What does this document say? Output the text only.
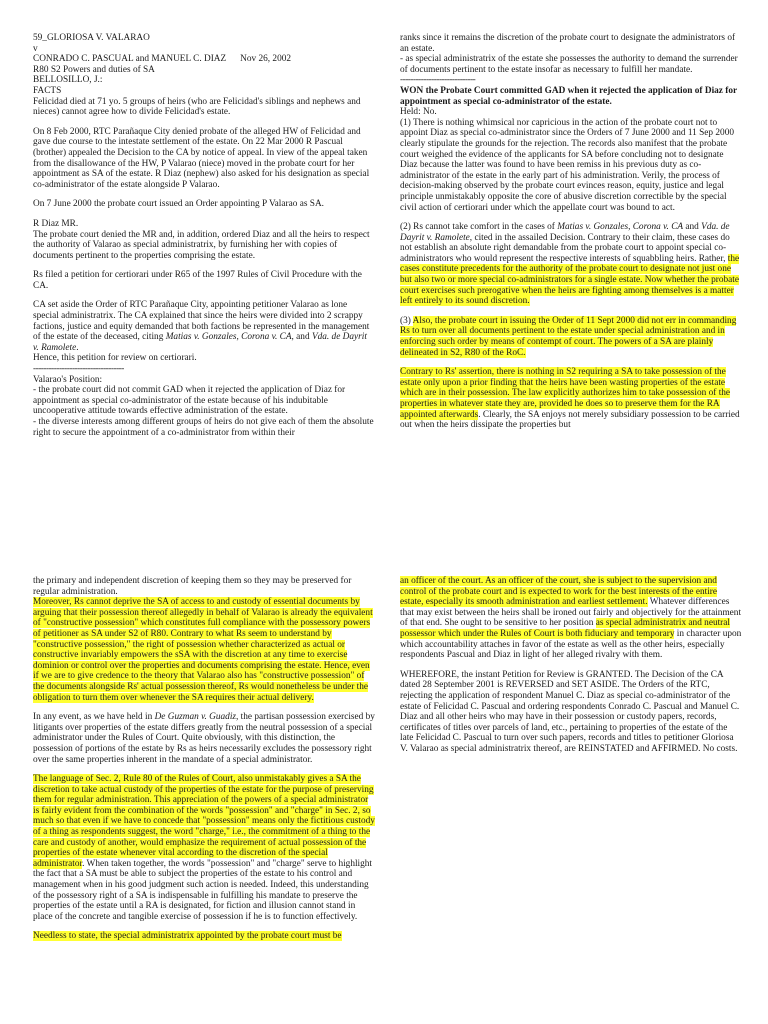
59_GLORIOSA V. VALARAO
v
CONRADO C. PASCUAL and MANUEL C. DIAZ Nov 26, 2002
R80 S2 Powers and duties of SA
BELLOSILLO, J.:
FACTS

Felicidad died at 71 yo. 5 groups of heirs (who are Felicidad's siblings and nephews and nieces) cannot agree how to divide Felicidad's estate.

On 8 Feb 2000, RTC Parañaque City denied probate of the alleged HW of Felicidad and gave due course to the intestate settlement of the estate. On 22 Mar 2000 R Pascual (brother) appealed the Decision to the CA by notice of appeal. In view of the appeal taken from the disallowance of the HW, P Valarao (niece) moved in the probate court for her appointment as SA of the estate. R Diaz (nephew) also asked for his designation as special co-administrator of the estate alongside P Valarao.

On 7 June 2000 the probate court issued an Order appointing P Valarao as SA.

R Diaz MR.

The probate court denied the MR and, in addition, ordered Diaz and all the heirs to respect the authority of Valarao as special administratrix, by furnishing her with copies of documents pertinent to the properties comprising the estate.

Rs filed a petition for certiorari under R65 of the 1997 Rules of Civil Procedure with the CA.

CA set aside the Order of RTC Parañaque City, appointing petitioner Valarao as lone special administratrix. The CA explained that since the heirs were divided into 2 scrappy factions, justice and equity demanded that both factions be represented in the management of the estate of the deceased, citing Matias v. Gonzales, Corona v. CA, and Vda. de Dayrit v. Ramolete.
Hence, this petition for review on certiorari.
-----------------------------------
Valarao's Position:
- the probate court did not commit GAD when it rejected the application of Diaz for appointment as special co-administrator of the estate because of his indubitable uncooperative attitude towards effective administration of the estate.
- the diverse interests among different groups of heirs do not give each of them the absolute right to secure the appointment of a co-administrator from within their
ranks since it remains the discretion of the probate court to designate the administrators of an estate.
- as special administratrix of the estate she possesses the authority to demand the surrender of documents pertinent to the estate insofar as necessary to fulfill her mandate.
-----------------------------
WON the Probate Court committed GAD when it rejected the application of Diaz for appointment as special co-administrator of the estate.
Held: No.

(1) There is nothing whimsical nor capricious in the action of the probate court not to appoint Diaz as special co-administrator since the Orders of 7 June 2000 and 11 Sep 2000 clearly stipulate the grounds for the rejection. The records also manifest that the probate court weighed the evidence of the applicants for SA before concluding not to designate Diaz because the latter was found to have been remiss in his previous duty as co-administrator of the estate in the early part of his administration. Verily, the process of decision-making observed by the probate court evinces reason, equity, justice and legal principle unmistakably opposite the core of abusive discretion correctible by the special civil action of certiorari under which the appellate court was bound to act.

(2) Rs cannot take comfort in the cases of Matias v. Gonzales, Corona v. CA and Vda. de Dayrit v. Ramolete, cited in the assailed Decision. Contrary to their claim, these cases do not establish an absolute right demandable from the probate court to appoint special co-administrators who would represent the respective interests of squabbling heirs. Rather, the cases constitute precedents for the authority of the probate court to designate not just one but also two or more special co-administrators for a single estate. Now whether the probate court exercises such prerogative when the heirs are fighting among themselves is a matter left entirely to its sound discretion.

(3) Also, the probate court in issuing the Order of 11 Sept 2000 did not err in commanding Rs to turn over all documents pertinent to the estate under special administration and in enforcing such order by means of contempt of court. The powers of a SA are plainly delineated in S2, R80 of the RoC.

Contrary to Rs' assertion, there is nothing in S2 requiring a SA to take possession of the estate only upon a prior finding that the heirs have been wasting properties of the estate which are in their possession. The law explicitly authorizes him to take possession of the properties in whatever state they are, provided he does so to preserve them for the RA appointed afterwards. Clearly, the SA enjoys not merely subsidiary possession to be carried out when the heirs dissipate the properties but

the primary and independent discretion of keeping them so they may be preserved for regular administration.

Moreover, Rs cannot deprive the SA of access to and custody of essential documents by arguing that their possession thereof allegedly in behalf of Valarao is already the equivalent of "constructive possession" which constitutes full compliance with the possessory powers of petitioner as SA under S2 of R80. Contrary to what Rs seem to understand by "constructive possession," the right of possession whether characterized as actual or constructive invariably empowers the sSA with the discretion at any time to exercise dominion or control over the properties and documents comprising the estate. Hence, even if we are to give credence to the theory that Valarao also has "constructive possession" of the documents alongside Rs' actual possession thereof, Rs would nonetheless be under the obligation to turn them over whenever the SA requires their actual delivery.

In any event, as we have held in De Guzman v. Guadiz, the partisan possession exercised by litigants over properties of the estate differs greatly from the neutral possession of a special administrator under the Rules of Court. Quite obviously, with this distinction, the possession of portions of the estate by Rs as heirs necessarily excludes the possessory right over the same properties inherent in the mandate of a special administrator.

The language of Sec. 2, Rule 80 of the Rules of Court, also unmistakably gives a SA the discretion to take actual custody of the properties of the estate for the purpose of preserving them for regular administration. This appreciation of the powers of a special administrator is fairly evident from the combination of the words "possession" and "charge" in Sec. 2, so much so that even if we have to concede that "possession" means only the fictitious custody of a thing as respondents suggest, the word "charge," i.e., the commitment of a thing to the care and custody of another, would emphasize the requirement of actual possession of the properties of the estate whenever vital according to the discretion of the special administrator. When taken together, the words "possession" and "charge" serve to highlight the fact that a SA must be able to subject the properties of the estate to his control and management when in his good judgment such action is needed. Indeed, this understanding of the possessory right of a SA is indispensable in fulfilling his mandate to preserve the properties of the estate until a RA is designated, for fiction and illusion cannot stand in place of the concrete and tangible exercise of possession if he is to function effectively.

Needless to state, the special administratrix appointed by the probate court must be

an officer of the court. As an officer of the court, she is subject to the supervision and control of the probate court and is expected to work for the best interests of the entire estate, especially its smooth administration and earliest settlement. Whatever differences that may exist between the heirs shall be ironed out fairly and objectively for the attainment of that end. She ought to be sensitive to her position as special administratrix and neutral possessor which under the Rules of Court is both fiduciary and temporary in character upon which accountability attaches in favor of the estate as well as the other heirs, especially respondents Pascual and Diaz in light of her alleged rivalry with them.

WHEREFORE, the instant Petition for Review is GRANTED. The Decision of the CA dated 28 September 2001 is REVERSED and SET ASIDE. The Orders of the RTC, rejecting the application of respondent Manuel C. Diaz as special co-administrator of the estate of Felicidad C. Pascual and ordering respondents Conrado C. Pascual and Manuel C. Diaz and all other heirs who may have in their possession or custody papers, records, certificates of titles over parcels of land, etc., pertaining to properties of the estate of the late Felicidad C. Pascual to turn over such papers, records and titles to petitioner Gloriosa V. Valarao as special administratrix thereof, are REINSTATED and AFFIRMED. No costs.
